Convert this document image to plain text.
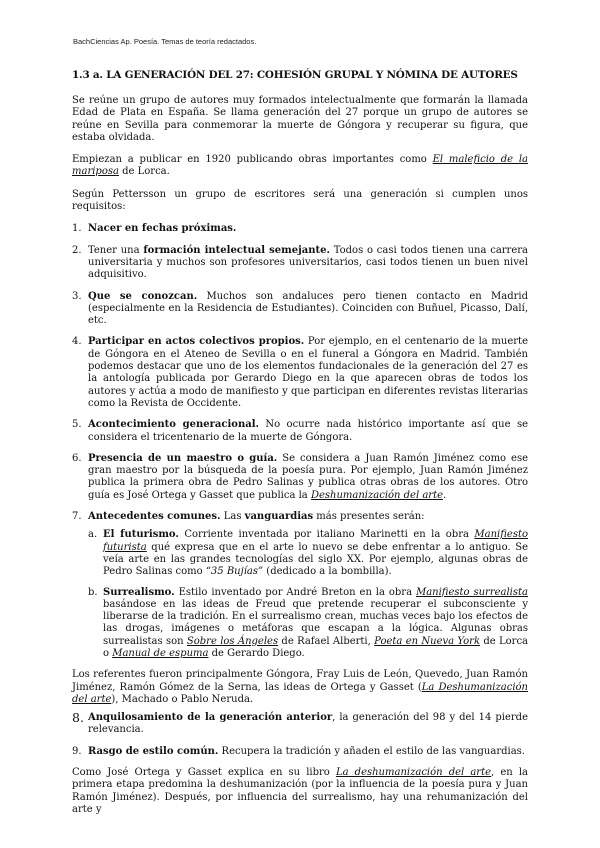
BachCiencias Ap. Poesía. Temas de teoría redactados.
1.3 a. LA GENERACIÓN DEL 27: COHESIÓN GRUPAL Y NÓMINA DE AUTORES

Se reúne un grupo de autores muy formados intelectualmente que formarán la llamada Edad de Plata en España. Se llama generación del 27 porque un grupo de autores se reúne en Sevilla para conmemorar la muerte de Góngora y recuperar su figura, que estaba olvidada.

Empiezan a publicar en 1920 publicando obras importantes como El maleficio de la mariposa de Lorca.

Según Pettersson un grupo de escritores será una generación si cumplen unos requisitos:

1. Nacer en fechas próximas.
2. Tener una formación intelectual semejante. Todos o casi todos tienen una carrera universitaria y muchos son profesores universitarios, casi todos tienen un buen nivel adquisitivo.
3. Que se conozcan. Muchos son andaluces pero tienen contacto en Madrid (especialmente en la Residencia de Estudiantes). Coinciden con Buñuel, Picasso, Dalí, etc.
4. Participar en actos colectivos propios. Por ejemplo, en el centenario de la muerte de Góngora en el Ateneo de Sevilla o en el funeral a Góngora en Madrid. También podemos destacar que uno de los elementos fundacionales de la generación del 27 es la antología publicada por Gerardo Diego en la que aparecen obras de todos los autores y actúa a modo de manifiesto y que participan en diferentes revistas literarias como la Revista de Occidente.
5. Acontecimiento generacional. No ocurre nada histórico importante así que se considera el tricentenario de la muerte de Góngora.
6. Presencia de un maestro o guía. Se considera a Juan Ramón Jiménez como ese gran maestro por la búsqueda de la poesía pura. Por ejemplo, Juan Ramón Jiménez publica la primera obra de Pedro Salinas y publica otras obras de los autores. Otro guía es José Ortega y Gasset que publica la Deshumanización del arte.
7. Antecedentes comunes. Las vanguardias más presentes serán:
a. El futurismo. Corriente inventada por italiano Marinetti en la obra Manifiesto futurista qué expresa que en el arte lo nuevo se debe enfrentar a lo antiguo. Se veía arte en las grandes tecnologías del siglo XX. Por ejemplo, algunas obras de Pedro Salinas como “35 Bujías” (dedicado a la bombilla).
b. Surrealismo. Estilo inventado por André Breton en la obra Manifiesto surrealista basándose en las ideas de Freud que pretende recuperar el subconsciente y liberarse de la tradición. En el surrealismo crean, muchas veces bajo los efectos de las drogas, imágenes o metáforas que escapan a la lógica. Algunas obras surrealistas son Sobre los Ángeles de Rafael Alberti, Poeta en Nueva York de Lorca o Manual de espuma de Gerardo Diego.

Los referentes fueron principalmente Góngora, Fray Luis de León, Quevedo, Juan Ramón Jiménez, Ramón Gómez de la Serna, las ideas de Ortega y Gasset (La Deshumanización del arte), Machado o Pablo Neruda.

8. Anquilosamiento de la generación anterior, la generación del 98 y del 14 pierde relevancia.
9. Rasgo de estilo común. Recupera la tradición y añaden el estilo de las vanguardias.

Como José Ortega y Gasset explica en su libro La deshumanización del arte, en la primera etapa predomina la deshumanización (por la influencia de la poesía pura y Juan Ramón Jiménez). Después, por influencia del surrealismo, hay una rehumanización del arte y
